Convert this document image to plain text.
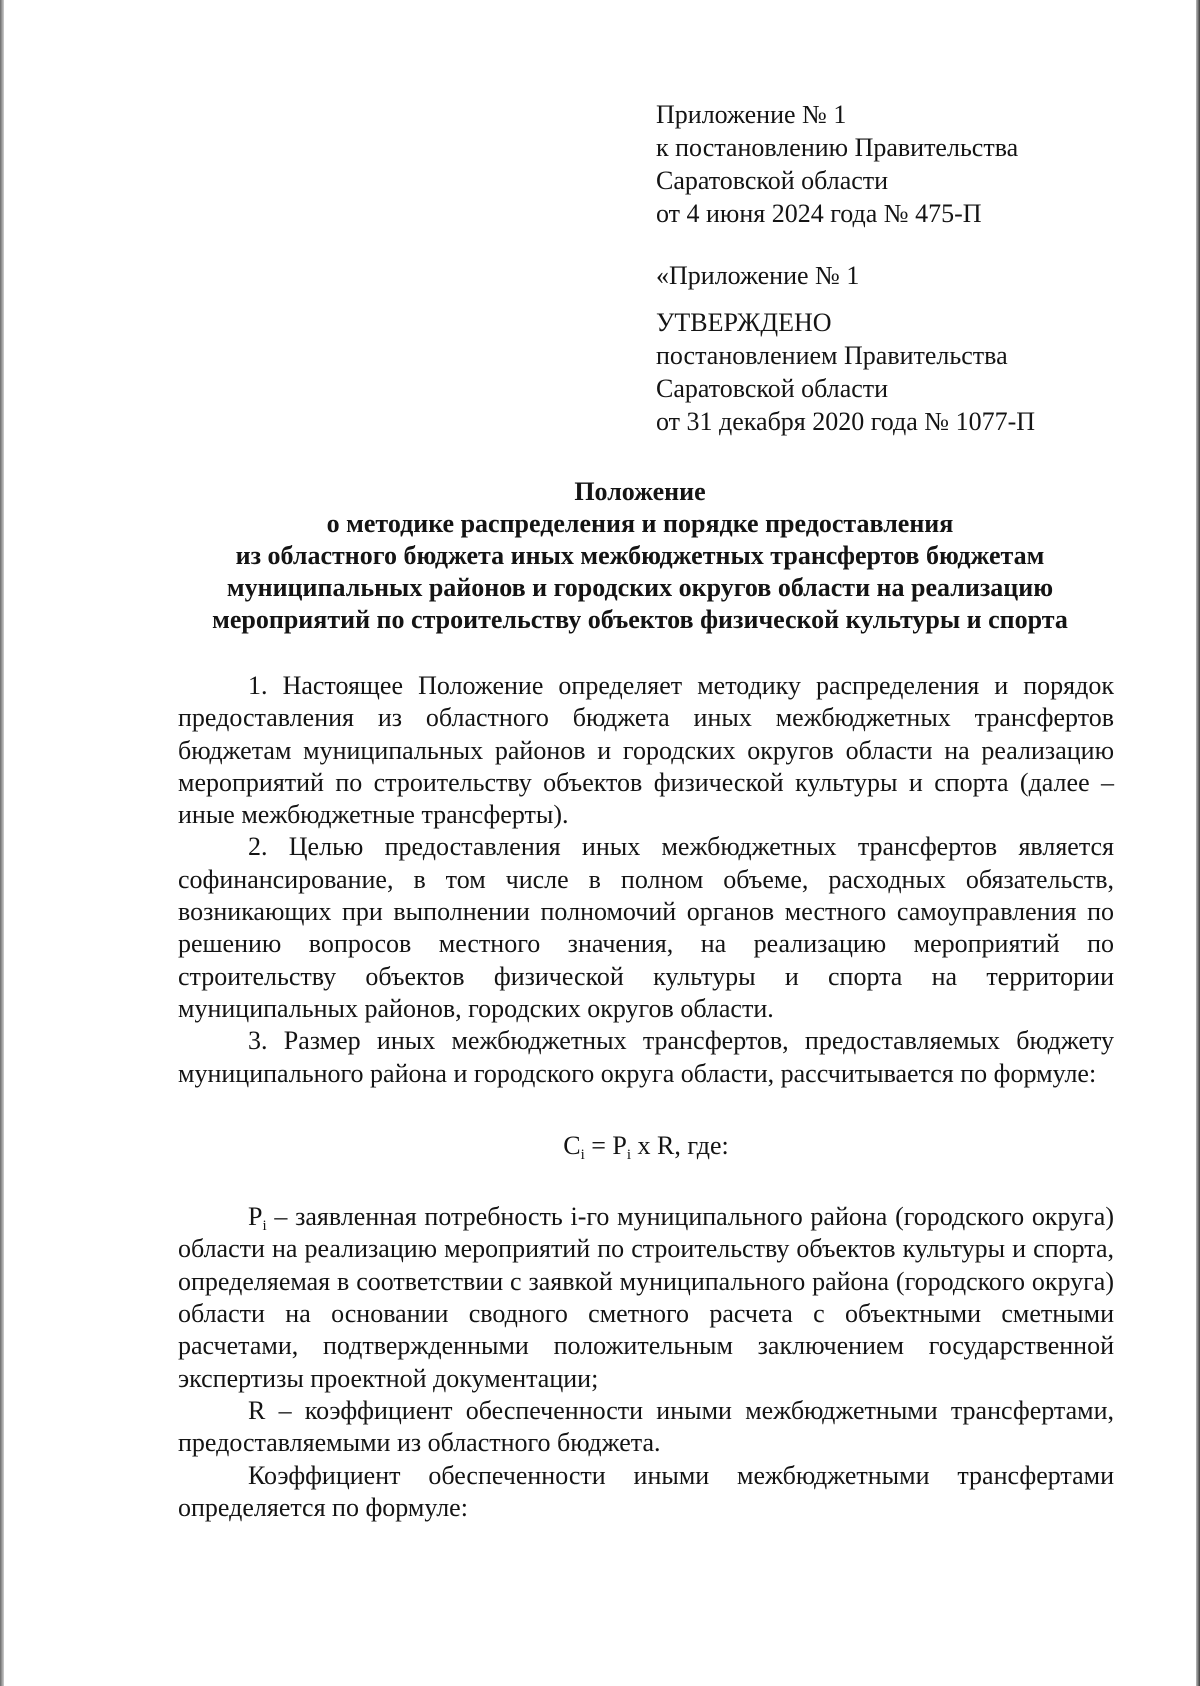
Приложение № 1
к постановлению Правительства
Саратовской области
от 4 июня 2024 года № 475-П
«Приложение № 1
УТВЕРЖДЕНО
постановлением Правительства
Саратовской области
от 31 декабря 2020 года № 1077-П
Положение
о методике распределения и порядке предоставления
из областного бюджета иных межбюджетных трансфертов бюджетам
муниципальных районов и городских округов области на реализацию
мероприятий по строительству объектов физической культуры и спорта

1. Настоящее Положение определяет методику распределения и порядок предоставления из областного бюджета иных межбюджетных трансфертов бюджетам муниципальных районов и городских округов области на реализацию мероприятий по строительству объектов физической культуры и спорта (далее – иные межбюджетные трансферты).

2. Целью предоставления иных межбюджетных трансфертов является софинансирование, в том числе в полном объеме, расходных обязательств, возникающих при выполнении полномочий органов местного самоуправления по решению вопросов местного значения, на реализацию мероприятий по строительству объектов физической культуры и спорта на территории муниципальных районов, городских округов области.

3. Размер иных межбюджетных трансфертов, предоставляемых бюджету муниципального района и городского округа области, рассчитывается по формуле:

$C_i = P_i$ x R, где:

$P_i$ – заявленная потребность i-го муниципального района (городского округа) области на реализацию мероприятий по строительству объектов культуры и спорта, определяемая в соответствии с заявкой муниципального района (городского округа) области на основании сводного сметного расчета с объектными сметными расчетами, подтвержденными положительным заключением государственной экспертизы проектной документации;

R – коэффициент обеспеченности иными межбюджетными трансфертами, предоставляемыми из областного бюджета.

Коэффициент обеспеченности иными межбюджетными трансфертами определяется по формуле:
